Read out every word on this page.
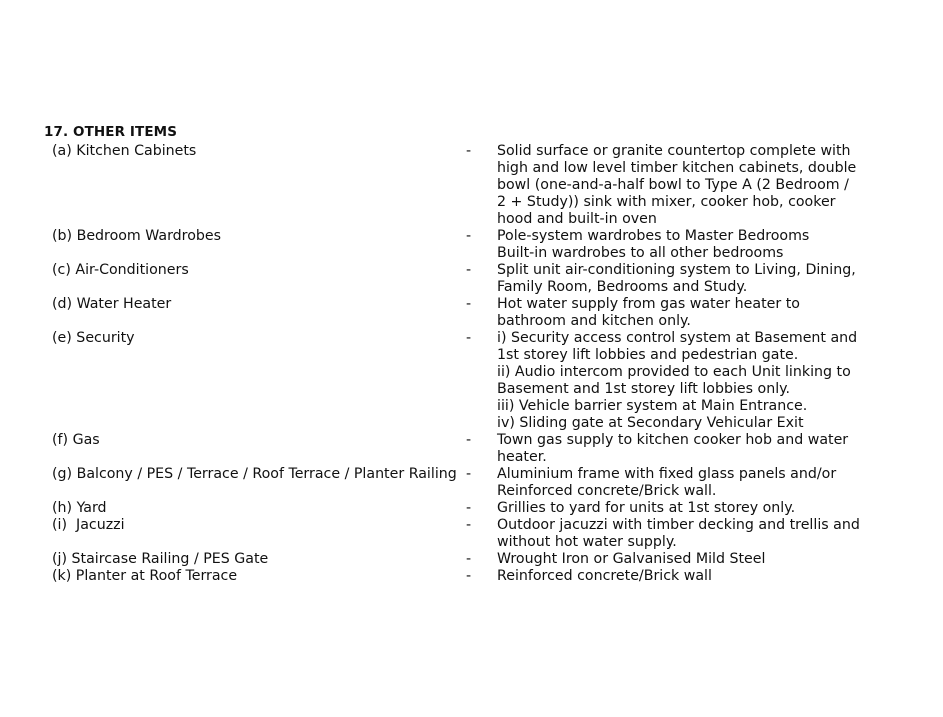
17. OTHER ITEMS
(a) Kitchen Cabinets	- Solid surface or granite countertop complete with
high and low level timber kitchen cabinets, double
bowl (one-and-a-half bowl to Type A (2 Bedroom /
2 + Study)) sink with mixer, cooker hob, cooker
hood and built-in oven
(b) Bedroom Wardrobes	- Pole-system wardrobes to Master Bedrooms
Built-in wardrobes to all other bedrooms
(c) Air-Conditioners	- Split unit air-conditioning system to Living, Dining,
Family Room, Bedrooms and Study.
(d) Water Heater	- Hot water supply from gas water heater to
bathroom and kitchen only.
(e) Security	- i) Security access control system at Basement and
1st storey lift lobbies and pedestrian gate.
ii) Audio intercom provided to each Unit linking to
Basement and 1st storey lift lobbies only.
iii) Vehicle barrier system at Main Entrance.
iv) Sliding gate at Secondary Vehicular Exit
(f) Gas	- Town gas supply to kitchen cooker hob and water
heater.
(g) Balcony / PES / Terrace / Roof Terrace / Planter Railing - Aluminium frame with fixed glass panels and/or
Reinforced concrete/Brick wall.
(h) Yard	- Grillies to yard for units at 1st storey only.
(i)  Jacuzzi	- Outdoor jacuzzi with timber decking and trellis and
without hot water supply.
(j) Staircase Railing / PES Gate	- Wrought Iron or Galvanised Mild Steel
(k) Planter at Roof Terrace	- Reinforced concrete/Brick wall
